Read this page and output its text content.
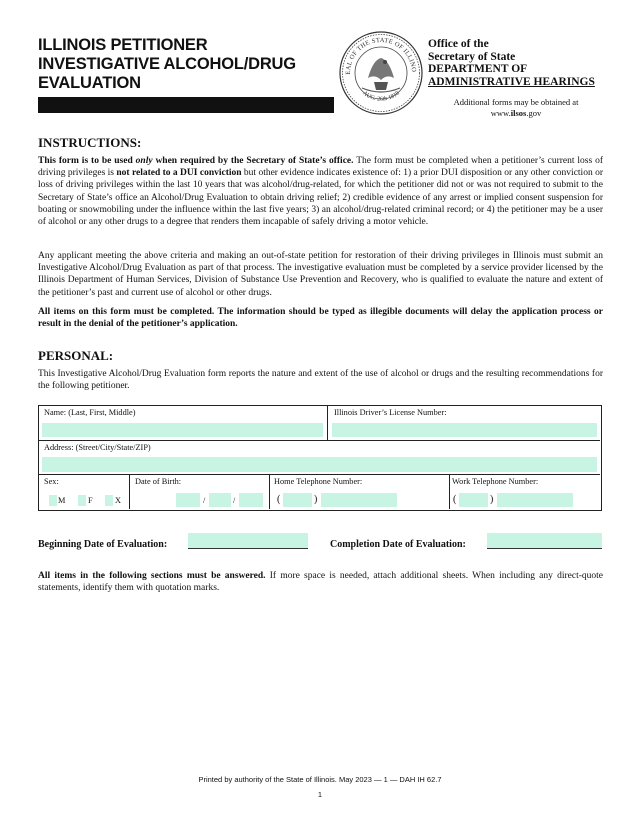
ILLINOIS PETITIONER
INVESTIGATIVE ALCOHOL/DRUG
EVALUATION
EAL OF THE STATE OF ILLINO
AUG. 26th 1818
Office of the
Secretary of State
DEPARTMENT OF
ADMINISTRATIVE HEARINGS
Additional forms may be obtained at
www.ilsos.gov
INSTRUCTIONS:
This form is to be used only when required by the Secretary of State’s office. The form must be completed when a petitioner’s current loss of driving privileges is not related to a DUI conviction but other evidence indicates existence of: 1) a prior DUI disposition or any other conviction or loss of driving privileges within the last 10 years that was alcohol/drug-related, for which the petitioner did not or was not required to submit to the Secretary of State’s office an Alcohol/Drug Evaluation to obtain driving relief; 2) credible evidence of any arrest or implied consent suspension for boating or snowmobiling under the influence within the last five years; 3) an alcohol/drug-related criminal record; or 4) the petitioner may be a user of alcohol or any other drugs to a degree that renders them incapable of safely driving a motor vehicle.
Any applicant meeting the above criteria and making an out-of-state petition for restoration of their driving privileges in Illinois must submit an Investigative Alcohol/Drug Evaluation as part of that process. The investigative evaluation must be completed by a service provider licensed by the Illinois Department of Human Services, Division of Substance Use Prevention and Recovery, who is qualified to evaluate the nature and extent of the petitioner’s past and current use of alcohol or other drugs.
All items on this form must be completed. The information should be typed as illegible documents will delay the application process or result in the denial of the petitioner’s application.
PERSONAL:
This Investigative Alcohol/Drug Evaluation form reports the nature and extent of the use of alcohol or drugs and the resulting recommendations for the following petitioner.
Name: (Last, First, Middle)	Illinois Driver’s License Number:
Address: (Street/City/State/ZIP)
Sex:
M	F	X
Date of Birth:
/	/
Home Telephone Number:
(	)
Work Telephone Number:
(	)
Beginning Date of Evaluation:	Completion Date of Evaluation:
All items in the following sections must be answered. If more space is needed, attach additional sheets. When including any direct-quote statements, identify them with quotation marks.
Printed by authority of the State of Illinois. May 2023 — 1 — DAH IH 62.7
1
